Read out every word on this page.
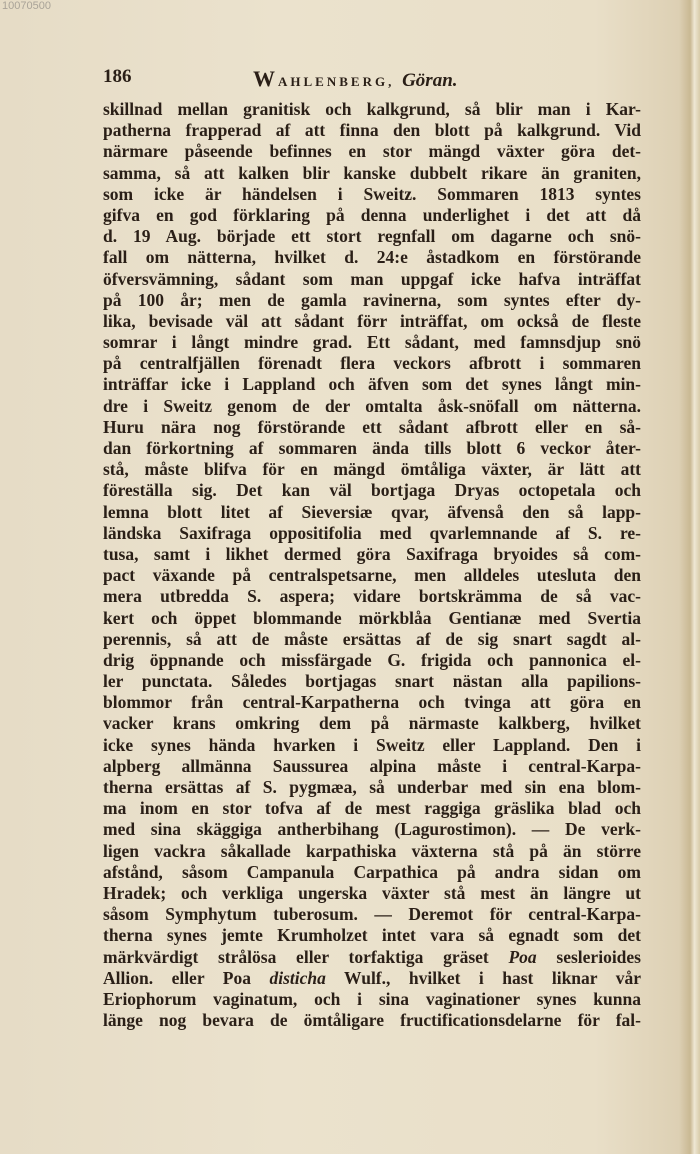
10070500
186	WAHLENBERG, Göran.
skillnad mellan granitisk och kalkgrund, så blir man i Kar-
patherna frapperad af att finna den blott på kalkgrund. Vid
närmare påseende befinnes en stor mängd växter göra det-
samma, så att kalken blir kanske dubbelt rikare än graniten,
som icke är händelsen i Sweitz. Sommaren 1813 syntes
gifva en god förklaring på denna underlighet i det att då
d. 19 Aug. började ett stort regnfall om dagarne och snö-
fall om nätterna, hvilket d. 24:e åstadkom en förstörande
öfversvämning, sådant som man uppgaf icke hafva inträffat
på 100 år; men de gamla ravinerna, som syntes efter dy-
lika, bevisade väl att sådant förr inträffat, om också de fleste
somrar i långt mindre grad. Ett sådant, med famnsdjup snö
på centralfjällen förenadt flera veckors afbrott i sommaren
inträffar icke i Lappland och äfven som det synes långt min-
dre i Sweitz genom de der omtalta åsk-snöfall om nätterna.
Huru nära nog förstörande ett sådant afbrott eller en så-
dan förkortning af sommaren ända tills blott 6 veckor åter-
stå, måste blifva för en mängd ömtåliga växter, är lätt att
föreställa sig. Det kan väl bortjaga Dryas octopetala och
lemna blott litet af Sieversiæ qvar, äfvenså den så lapp-
ländska Saxifraga oppositifolia med qvarlemnande af S. re-
tusa, samt i likhet dermed göra Saxifraga bryoides så com-
pact växande på centralspetsarne, men alldeles utesluta den
mera utbredda S. aspera; vidare bortskrämma de så vac-
kert och öppet blommande mörkblåa Gentianæ med Svertia
perennis, så att de måste ersättas af de sig snart sagdt al-
drig öppnande och missfärgade G. frigida och pannonica el-
ler punctata. Således bortjagas snart nästan alla papilions-
blommor från central-Karpatherna och tvinga att göra en
vacker krans omkring dem på närmaste kalkberg, hvilket
icke synes hända hvarken i Sweitz eller Lappland. Den i
alpberg allmänna Saussurea alpina måste i central-Karpa-
therna ersättas af S. pygmæa, så underbar med sin ena blom-
ma inom en stor tofva af de mest raggiga gräslika blad och
med sina skäggiga antherbihang (Lagurostimon). — De verk-
ligen vackra såkallade karpathiska växterna stå på än större
afstånd, såsom Campanula Carpathica på andra sidan om
Hradek; och verkliga ungerska växter stå mest än längre ut
såsom Symphytum tuberosum. — Deremot för central-Karpa-
therna synes jemte Krumholzet intet vara så egnadt som det
märkvärdigt strålösa eller torfaktiga gräset Poa seslerioides
Allion. eller Poa disticha Wulf., hvilket i hast liknar vår
Eriophorum vaginatum, och i sina vaginationer synes kunna
länge nog bevara de ömtåligare fructificationsdelarne för fal-
